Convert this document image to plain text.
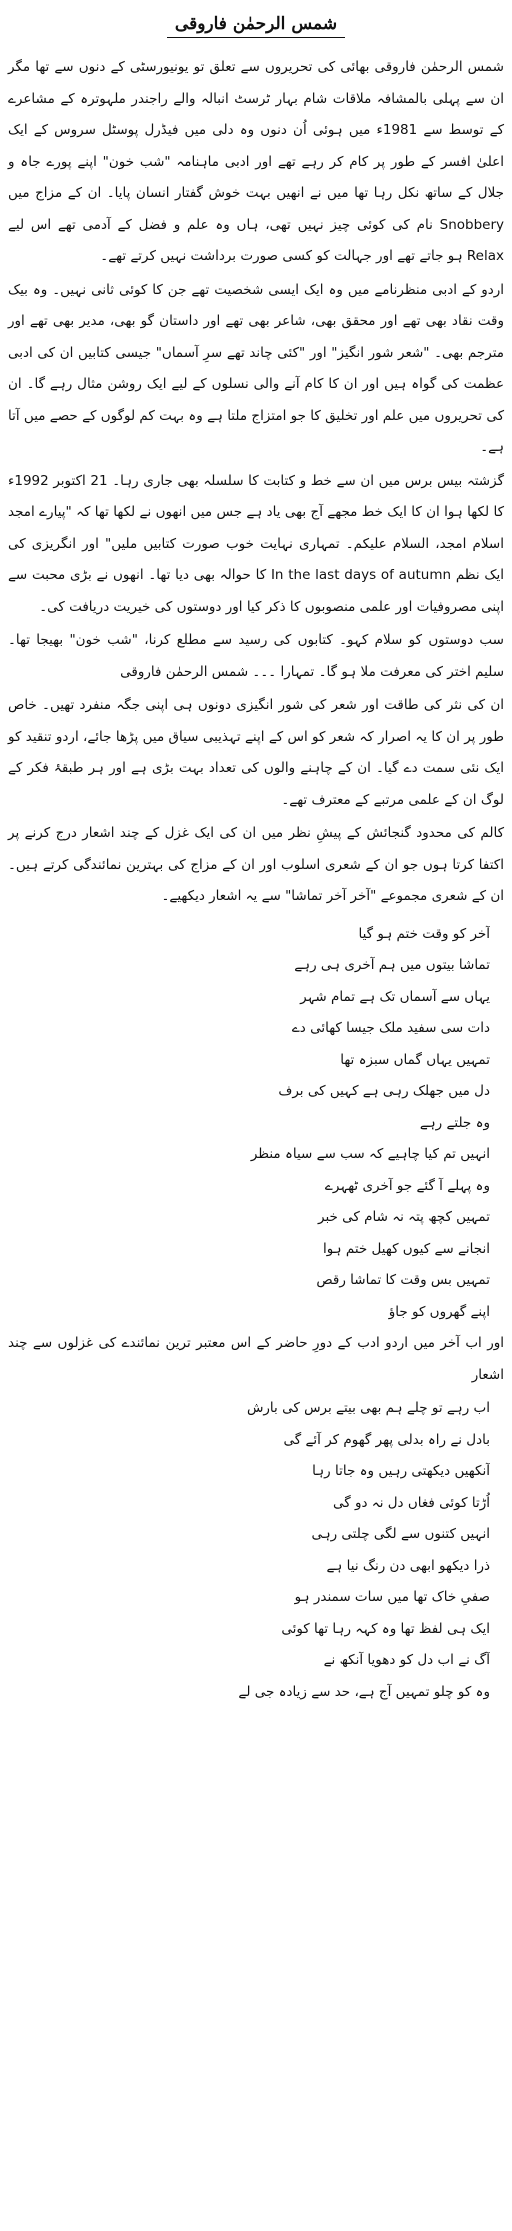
شمس الرحمٰن فاروقی

شمس الرحمٰن فاروقی بھائی کی تحریروں سے تعلق تو یونیورسٹی کے دنوں سے تھا مگر ان سے پہلی بالمشافہ ملاقات شام بہار ٹرسٹ انبالہ والے راجندر ملہوترہ کے مشاعرے کے توسط سے 1981ء میں ہوئی اُن دنوں وہ دلی میں فیڈرل پوسٹل سروس کے ایک اعلیٰ افسر کے طور پر کام کر رہے تھے اور ادبی ماہنامہ "شب خون" اپنے پورے جاہ و جلال کے ساتھ نکل رہا تھا میں نے انھیں بہت خوش گفتار انسان پایا۔ ان کے مزاج میں Snobbery نام کی کوئی چیز نہیں تھی، ہاں وہ علم و فضل کے آدمی تھے اس لیے Relax ہو جاتے تھے اور جہالت کو کسی صورت برداشت نہیں کرتے تھے۔

اردو کے ادبی منظرنامے میں وہ ایک ایسی شخصیت تھے جن کا کوئی ثانی نہیں۔ وہ بیک وقت نقاد بھی تھے اور محقق بھی، شاعر بھی تھے اور داستان گو بھی، مدیر بھی تھے اور مترجم بھی۔ "شعر شور انگیز" اور "کئی چاند تھے سرِ آسماں" جیسی کتابیں ان کی ادبی عظمت کی گواہ ہیں اور ان کا کام آنے والی نسلوں کے لیے ایک روشن مثال رہے گا۔ ان کی تحریروں میں علم اور تخلیق کا جو امتزاج ملتا ہے وہ بہت کم لوگوں کے حصے میں آتا ہے۔

گزشتہ بیس برس میں ان سے خط و کتابت کا سلسلہ بھی جاری رہا۔ 21 اکتوبر 1992ء کا لکھا ہوا ان کا ایک خط مجھے آج بھی یاد ہے جس میں انھوں نے لکھا تھا کہ "پیارے امجد اسلام امجد، السلام علیکم۔ تمہاری نہایت خوب صورت کتابیں ملیں" اور انگریزی کی ایک نظم In the last days of autumn کا حوالہ بھی دیا تھا۔ انھوں نے بڑی محبت سے اپنی مصروفیات اور علمی منصوبوں کا ذکر کیا اور دوستوں کی خیریت دریافت کی۔

سب دوستوں کو سلام کہو۔ کتابوں کی رسید سے مطلع کرنا، "شب خون" بھیجا تھا۔ سلیم اختر کی معرفت ملا ہو گا۔ تمہارا ۔۔۔ شمس الرحمٰن فاروقی

ان کی نثر کی طاقت اور شعر کی شور انگیزی دونوں ہی اپنی جگہ منفرد تھیں۔ خاص طور پر ان کا یہ اصرار کہ شعر کو اس کے اپنے تہذیبی سیاق میں پڑھا جائے، اردو تنقید کو ایک نئی سمت دے گیا۔ ان کے چاہنے والوں کی تعداد بہت بڑی ہے اور ہر طبقۂ فکر کے لوگ ان کے علمی مرتبے کے معترف تھے۔

کالم کی محدود گنجائش کے پیشِ نظر میں ان کی ایک غزل کے چند اشعار درج کرنے پر اکتفا کرتا ہوں جو ان کے شعری اسلوب اور ان کے مزاج کی بہترین نمائندگی کرتے ہیں۔ ان کے شعری مجموعے "آخر آخر تماشا" سے یہ اشعار دیکھیے۔

آخر کو وقت ختم ہو گیا
تماشا بیتوں میں ہم آخری ہی رہے
یہاں سے آسماں تک ہے تمام شہر
دات سی سفید ملک جیسا کھائی دے
تمہیں یہاں گماں سبزہ تھا
دل میں جھلک رہی ہے کہیں کی برف
وہ جلتے رہے
انہیں تم کیا چاہیے کہ سب سے سیاہ منظر
وہ پہلے آ گئے جو آخری ٹھہرے
تمہیں کچھ پتہ نہ شام کی خبر
انجانے سے کیوں کھیل ختم ہوا
تمہیں بس وقت کا تماشا رقص
اپنے گھروں کو جاؤ

اور اب آخر میں اردو ادب کے دورِ حاضر کے اس معتبر ترین نمائندے کی غزلوں سے چند اشعار

اب رہے تو چلے ہم بھی بیتے برس کی بارش
بادل نے راہ بدلی پھر گھوم کر آئے گی
آنکھیں دیکھتی رہیں وہ جاتا رہا
اُڑتا کوئی فغاں دل نہ دو گی
انہیں کتنوں سے لگی چلتی رہی
ذرا دیکھو ابھی دن رنگ نیا ہے
صفیِ خاک تھا میں سات سمندر ہو
ایک ہی لفظ تھا وہ کہہ رہا تھا کوئی
آگ نے اب دل کو دھویا آنکھ نے
وہ کو چلو تمہیں آج ہے، حد سے زیادہ جی لے
